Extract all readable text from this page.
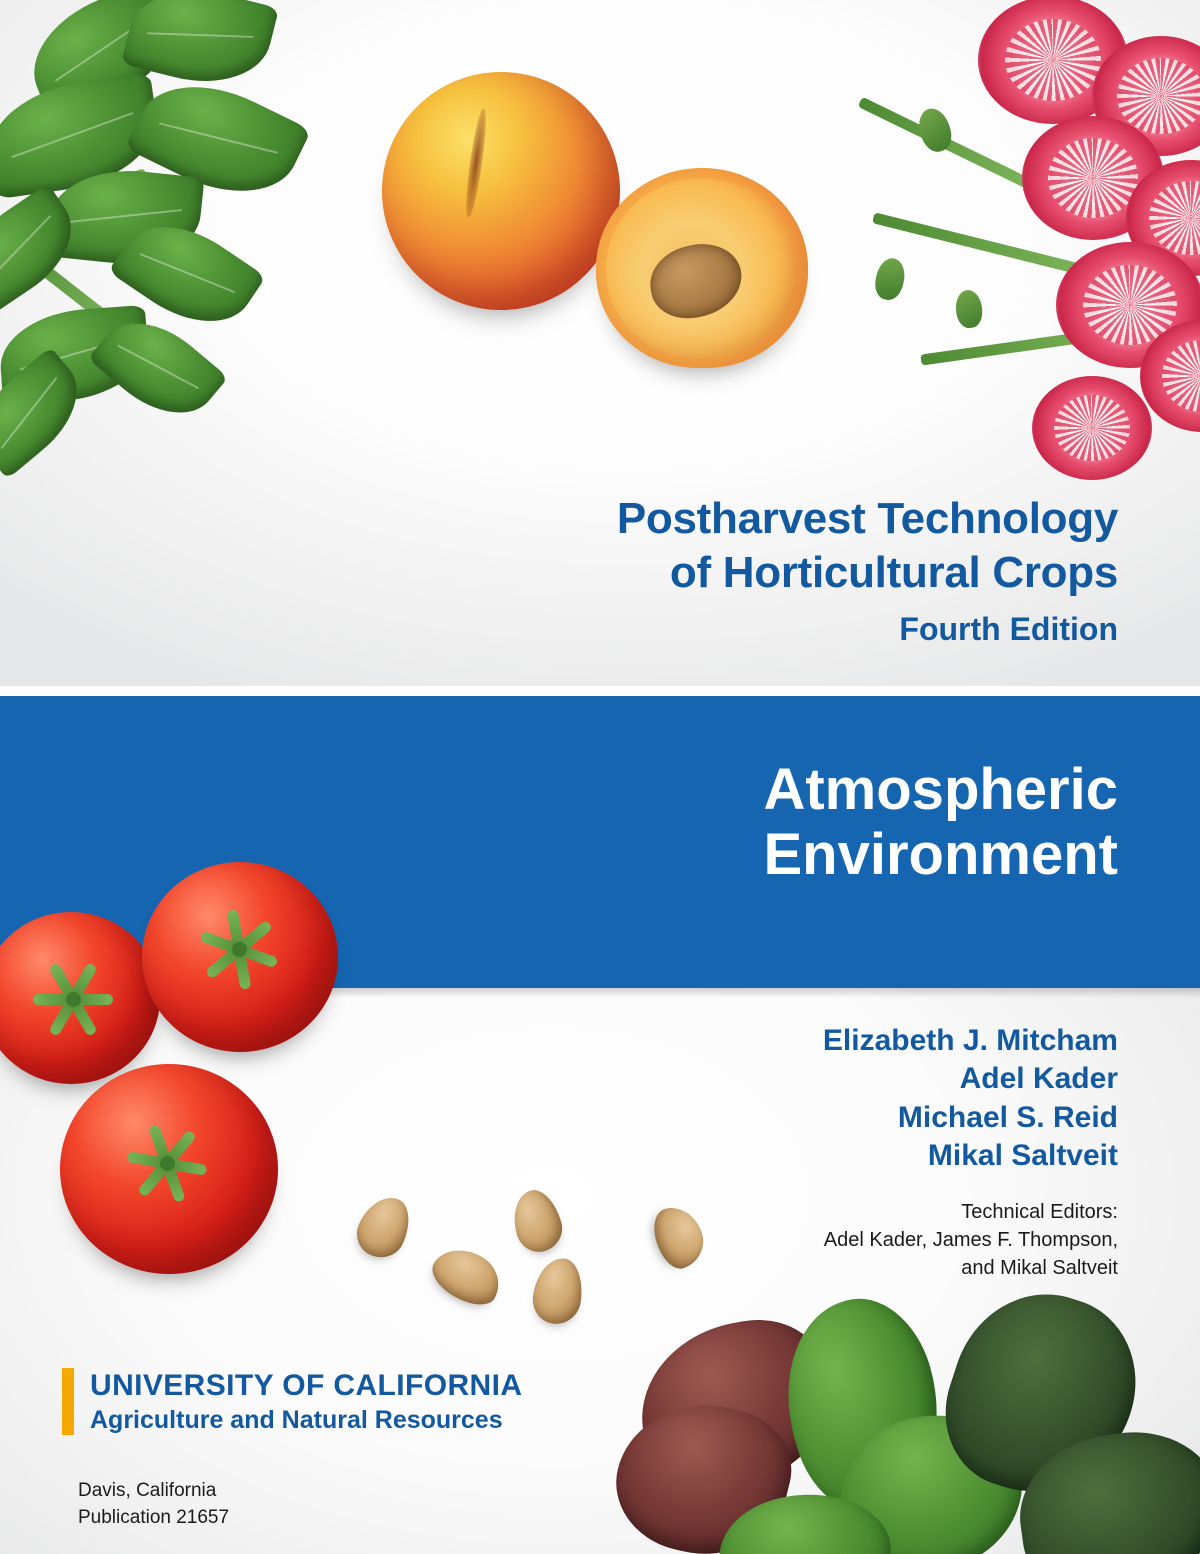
Postharvest Technology
of Horticultural Crops
Fourth Edition
Atmospheric
Environment
Elizabeth J. Mitcham
Adel Kader
Michael S. Reid
Mikal Saltveit
Technical Editors:
Adel Kader, James F. Thompson,
and Mikal Saltveit
UNIVERSITY OF CALIFORNIA
Agriculture and Natural Resources
Davis, California
Publication 21657
